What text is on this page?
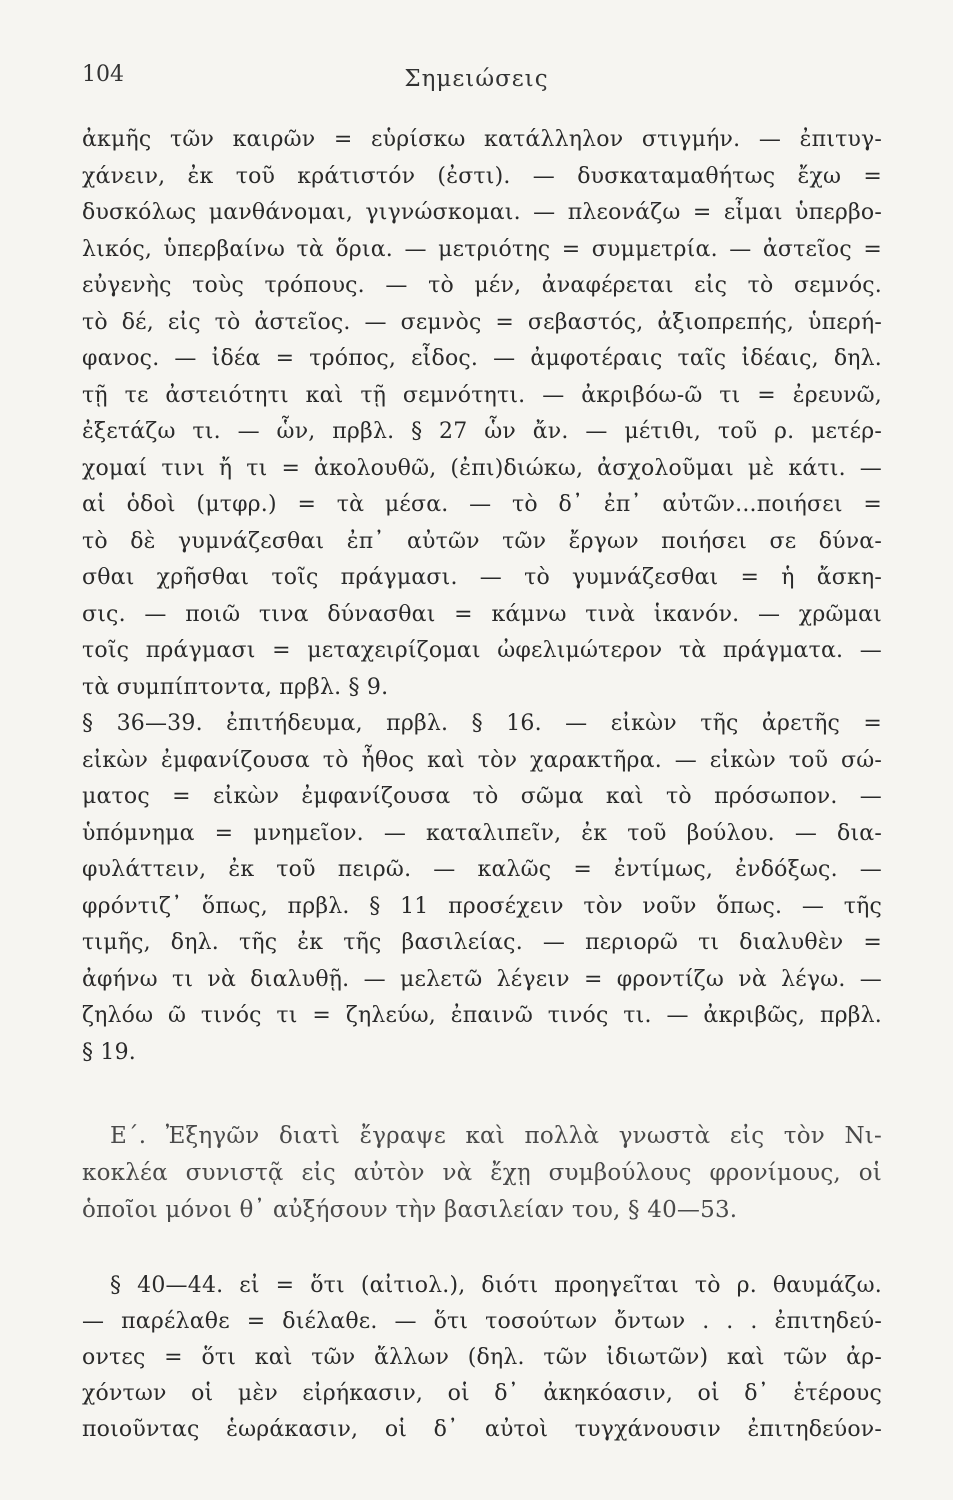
104	Σημειώσεις
ἀκμῆς τῶν καιρῶν = εὑρίσκω κατάλληλον στιγμήν. — ἐπιτυγ-
χάνειν, ἐκ τοῦ κράτιστόν (ἐστι). — δυσκαταμαθήτως ἔχω =
δυσκόλως μανθάνομαι, γιγνώσκομαι. — πλεονάζω = εἶμαι ὑπερβο-
λικός, ὑπερβαίνω τὰ ὅρια. — μετριότης = συμμετρία. — ἀστεῖος =
εὐγενὴς τοὺς τρόπους. — τὸ μέν, ἀναφέρεται εἰς τὸ σεμνός.
τὸ δέ, εἰς τὸ ἀστεῖος. — σεμνὸς = σεβαστός, ἀξιοπρεπής, ὑπερή-
φανος. — ἰδέα = τρόπος, εἶδος. — ἀμφοτέραις ταῖς ἰδέαις, δηλ.
τῇ τε ἀστειότητι καὶ τῇ σεμνότητι. — ἀκριβόω-ῶ τι = ἐρευνῶ,
ἐξετάζω τι. — ὧν, πρβλ. § 27 ὧν ἄν. — μέτιθι, τοῦ ρ. μετέρ-
χομαί τινι ἤ τι = ἀκολουθῶ, (ἐπι)διώκω, ἀσχολοῦμαι μὲ κάτι. —
αἱ ὁδοὶ (μτφρ.) = τὰ μέσα. — τὸ δ᾽ ἐπ᾽ αὐτῶν...ποιήσει =
τὸ δὲ γυμνάζεσθαι ἐπ᾽ αὐτῶν τῶν ἔργων ποιήσει σε δύνα-
σθαι χρῆσθαι τοῖς πράγμασι. — τὸ γυμνάζεσθαι = ἡ ἄσκη-
σις. — ποιῶ τινα δύνασθαι = κάμνω τινὰ ἱκανόν. — χρῶμαι
τοῖς πράγμασι = μεταχειρίζομαι ὠφελιμώτερον τὰ πράγματα. —
τὰ συμπίπτοντα, πρβλ. § 9.
§ 36—39. ἐπιτήδευμα, πρβλ. § 16. — εἰκὼν τῆς ἀρετῆς =
εἰκὼν ἐμφανίζουσα τὸ ἦθος καὶ τὸν χαρακτῆρα. — εἰκὼν τοῦ σώ-
ματος = εἰκὼν ἐμφανίζουσα τὸ σῶμα καὶ τὸ πρόσωπον. —
ὑπόμνημα = μνημεῖον. — καταλιπεῖν, ἐκ τοῦ βούλου. — δια-
φυλάττειν, ἐκ τοῦ πειρῶ. — καλῶς = ἐντίμως, ἐνδόξως. —
φρόντιζ᾽ ὅπως, πρβλ. § 11 προσέχειν τὸν νοῦν ὅπως. — τῆς
τιμῆς, δηλ. τῆς ἐκ τῆς βασιλείας. — περιορῶ τι διαλυθὲν =
ἀφήνω τι νὰ διαλυθῇ. — μελετῶ λέγειν = φροντίζω νὰ λέγω. —
ζηλόω ῶ τινός τι = ζηλεύω, ἐπαινῶ τινός τι. — ἀκριβῶς, πρβλ.
§ 19.
Ε΄. Ἐξηγῶν διατὶ ἔγραψε καὶ πολλὰ γνωστὰ εἰς τὸν Νι-
κοκλέα συνιστᾷ εἰς αὐτὸν νὰ ἔχῃ συμβούλους φρονίμους, οἱ
ὁποῖοι μόνοι θ᾽ αὐξήσουν τὴν βασιλείαν του, § 40—53.
§ 40—44. εἰ = ὅτι (αἰτιολ.), διότι προηγεῖται τὸ ρ. θαυμάζω.
— παρέλαθε = διέλαθε. — ὅτι τοσούτων ὄντων . . . ἐπιτηδεύ-
οντες = ὅτι καὶ τῶν ἄλλων (δηλ. τῶν ἰδιωτῶν) καὶ τῶν ἀρ-
χόντων οἱ μὲν εἰρήκασιν, οἱ δ᾽ ἀκηκόασιν, οἱ δ᾽ ἑτέρους
ποιοῦντας ἑωράκασιν, οἱ δ᾽ αὐτοὶ τυγχάνουσιν ἐπιτηδεύον-
